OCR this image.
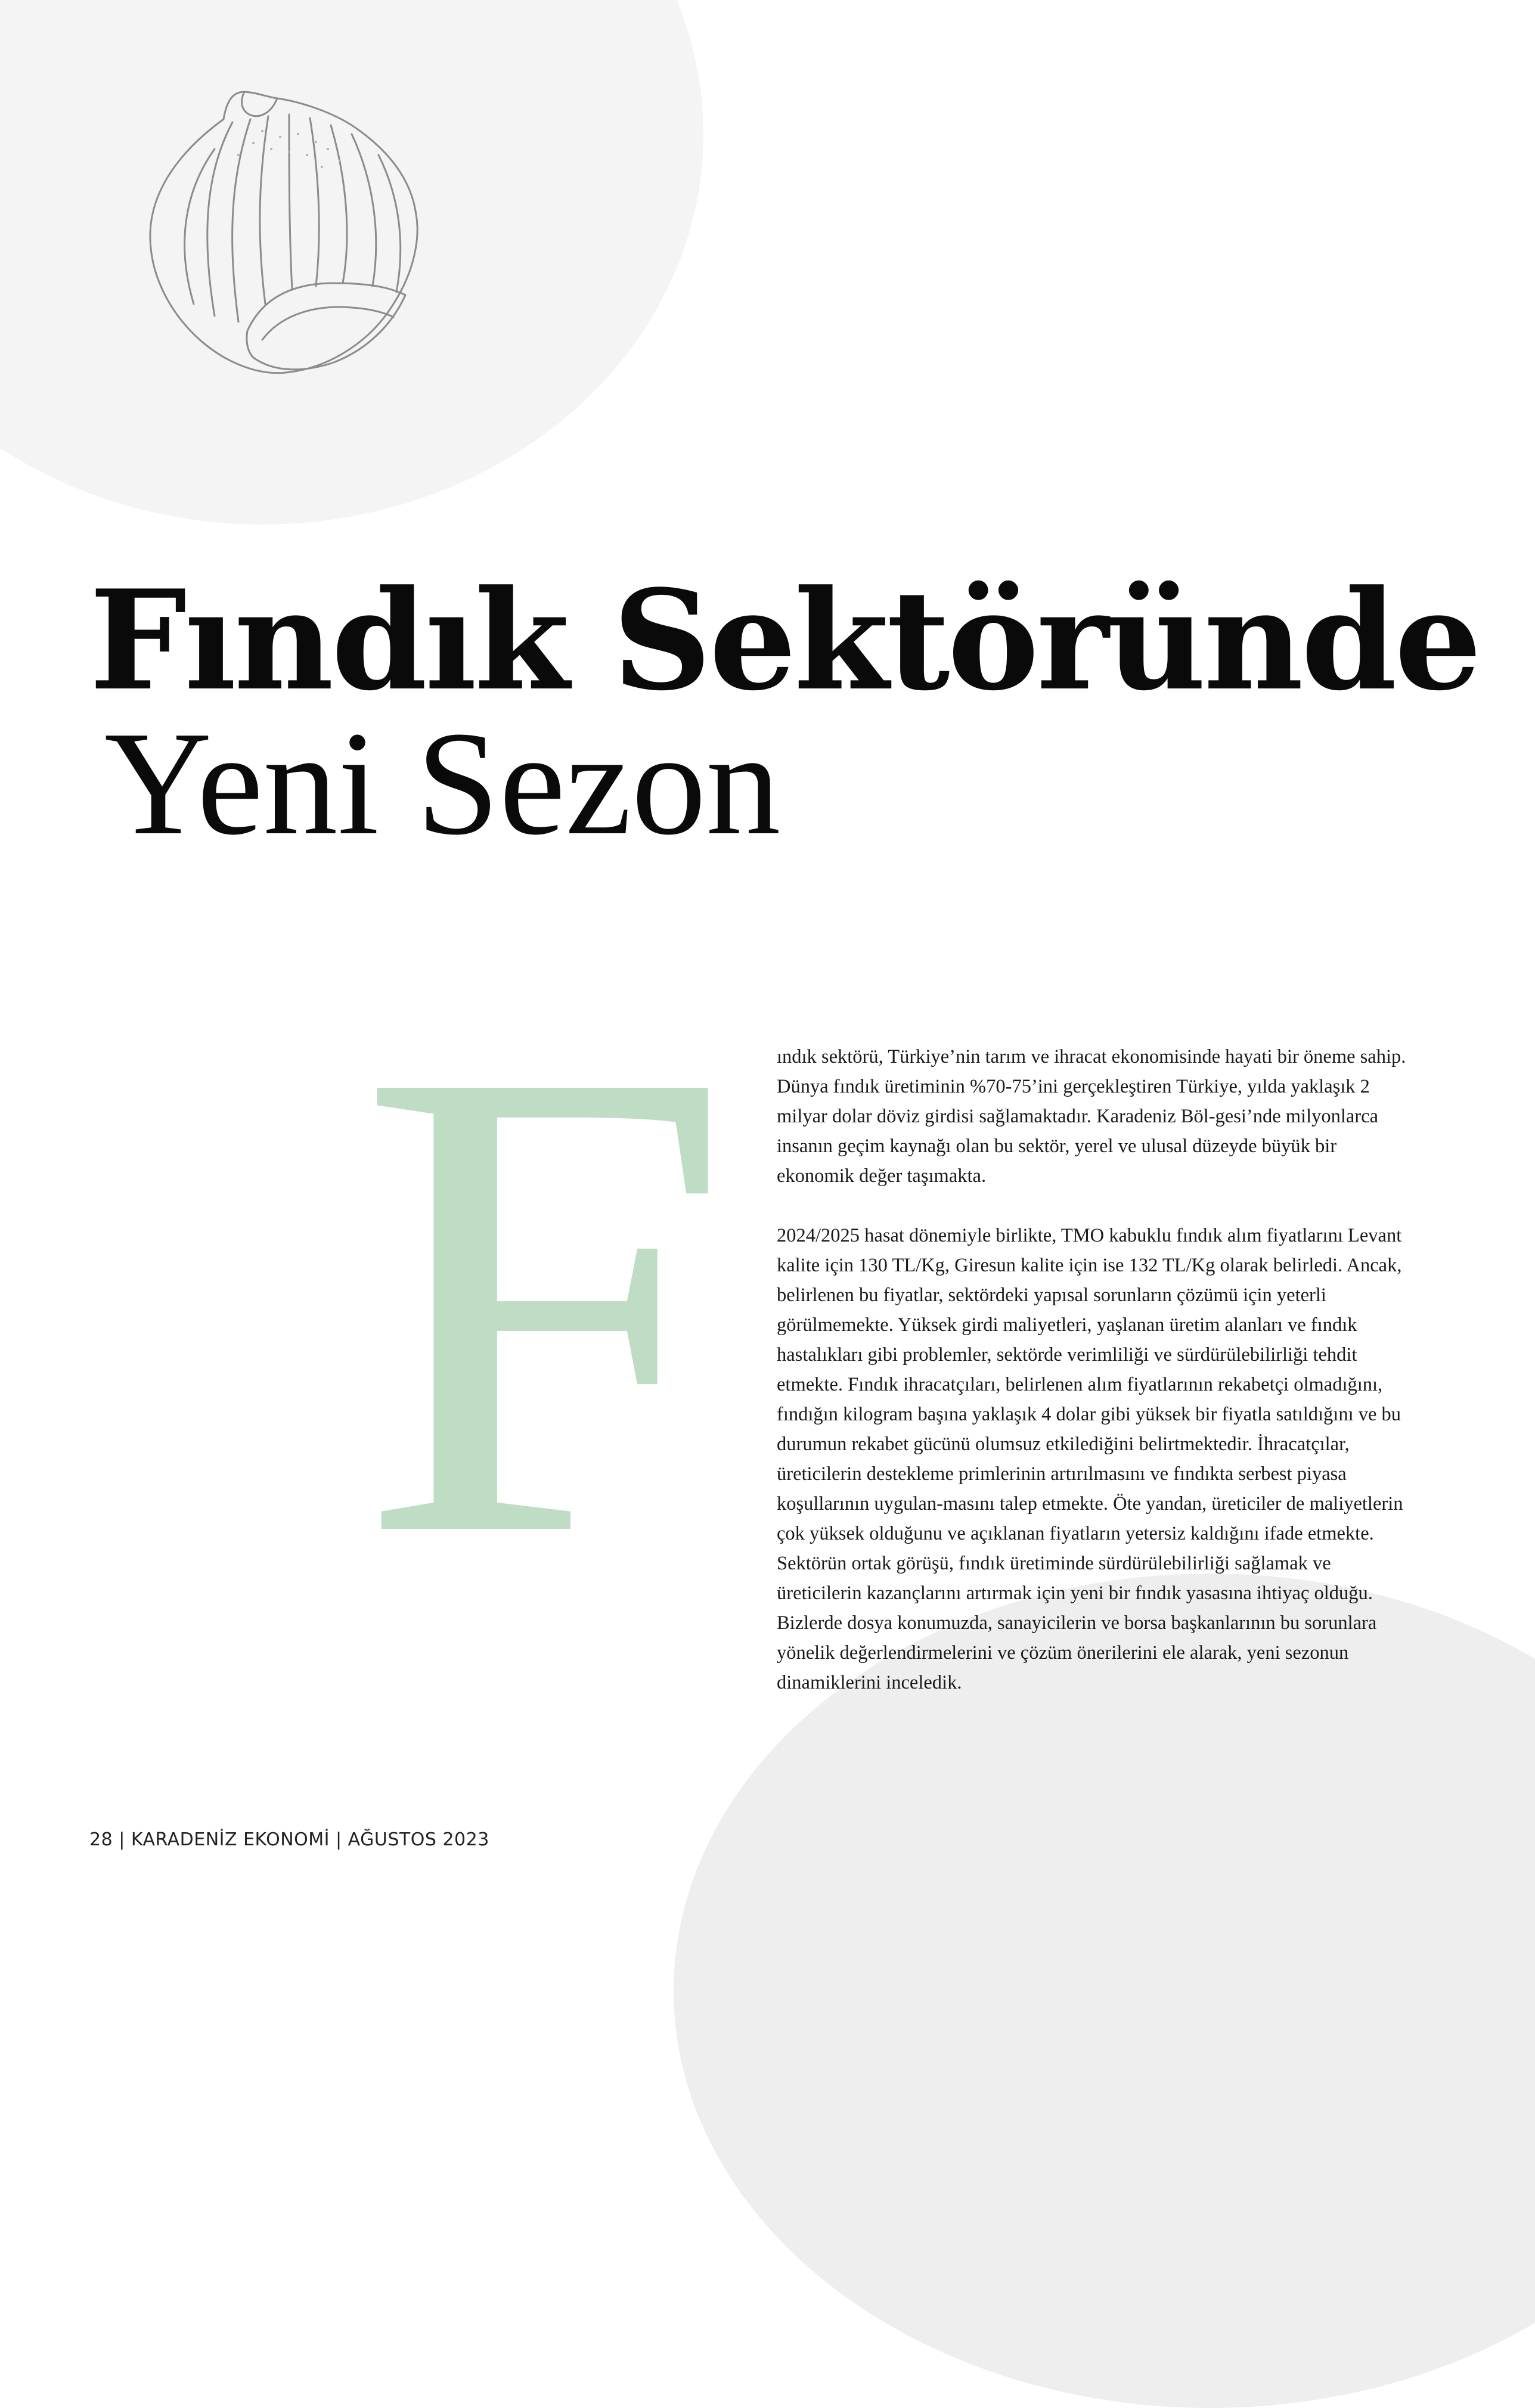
Fındık Sektöründe
Yeni Sezon
F ındık sektörü, Türkiye’nin tarım ve ihracat ekonomisinde hayati bir öneme sahip. Dünya fındık üretiminin %70-75’ini gerçekleştiren Türkiye, yılda yaklaşık 2 milyar dolar döviz girdisi sağlamaktadır. Karadeniz Böl-gesi’nde milyonlarca insanın geçim kaynağı olan bu sektör, yerel ve ulusal düzeyde büyük bir ekonomik değer taşımakta.

2024/2025 hasat dönemiyle birlikte, TMO kabuklu fındık alım fiyatlarını Levant kalite için 130 TL/Kg, Giresun kalite için ise 132 TL/Kg olarak belirledi. Ancak, belirlenen bu fiyatlar, sektördeki yapısal sorunların çözümü için yeterli görülmemekte. Yüksek girdi maliyetleri, yaşlanan üretim alanları ve fındık hastalıkları gibi problemler, sektörde verimliliği ve sürdürülebilirliği tehdit etmekte. Fındık ihracatçıları, belirlenen alım fiyatlarının rekabetçi olmadığını, fındığın kilogram başına yaklaşık 4 dolar gibi yüksek bir fiyatla satıldığını ve bu durumun rekabet gücünü olumsuz etkilediğini belirtmektedir. İhracatçılar, üreticilerin destekleme primlerinin artırılmasını ve fındıkta serbest piyasa koşullarının uygulan-masını talep etmekte. Öte yandan, üreticiler de maliyetlerin çok yüksek olduğunu ve açıklanan fiyatların yetersiz kaldığını ifade etmekte. Sektörün ortak görüşü, fındık üretiminde sürdürülebilirliği sağlamak ve üreticilerin kazançlarını artırmak için yeni bir fındık yasasına ihtiyaç olduğu. Bizlerde dosya konumuzda, sanayicilerin ve borsa başkanlarının bu sorunlara yönelik değerlendirmelerini ve çözüm önerilerini ele alarak, yeni sezonun dinamiklerini inceledik.

28 | KARADENİZ EKONOMİ | AĞUSTOS 2023
